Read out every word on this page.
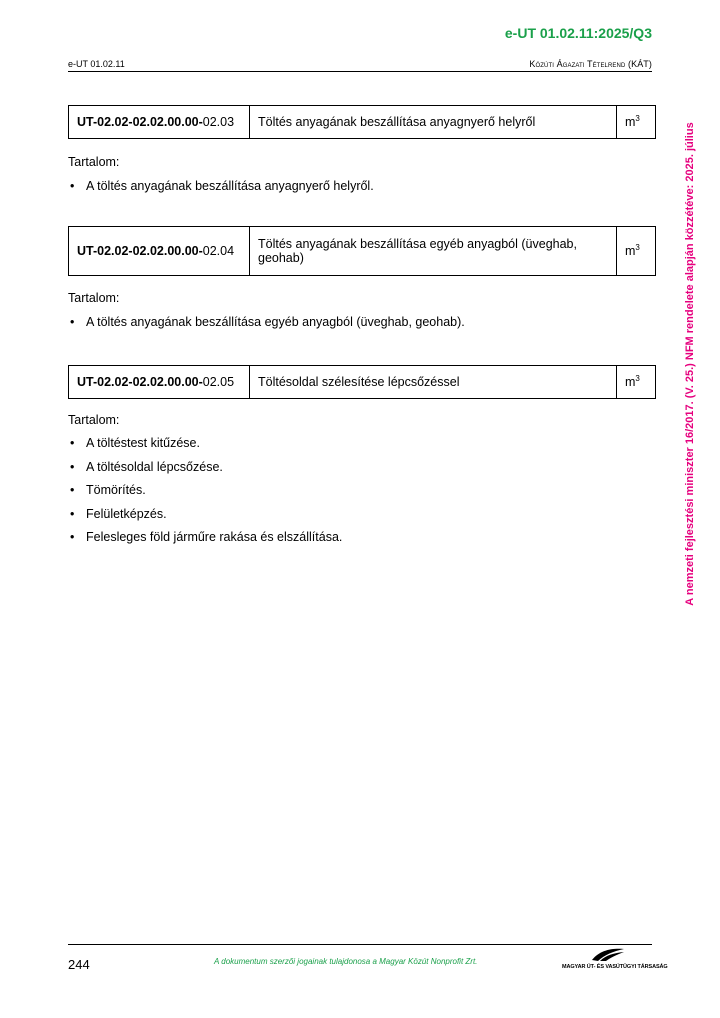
e-UT 01.02.11:2025/Q3
e-UT 01.02.11	Közúti Ágazati Tételrend (KÁT)
A nemzeti fejlesztési miniszter 16/2017. (V. 25.) NFM rendelete alapján közzétéve: 2025. július
UT-02.02-02.02.00.00-02.03	Töltés anyagának beszállítása anyagnyerő helyről	$m^3$
Tartalom:
• A töltés anyagának beszállítása anyagnyerő helyről.
UT-02.02-02.02.00.00-02.04	Töltés anyagának beszállítása egyéb anyagból (üveghab, geohab)	$m^3$
Tartalom:
• A töltés anyagának beszállítása egyéb anyagból (üveghab, geohab).
UT-02.02-02.02.00.00-02.05	Töltésoldal szélesítése lépcsőzéssel	$m^3$
Tartalom:
• A töltéstest kitűzése.
• A töltésoldal lépcsőzése.
• Tömörítés.
• Felületképzés.
• Felesleges föld járműre rakása és elszállítása.
244	A dokumentum szerzői jogainak tulajdonosa a Magyar Közút Nonprofit Zrt.
MAGYAR ÚT- ÉS VASÚTÜGYI TÁRSASÁG
